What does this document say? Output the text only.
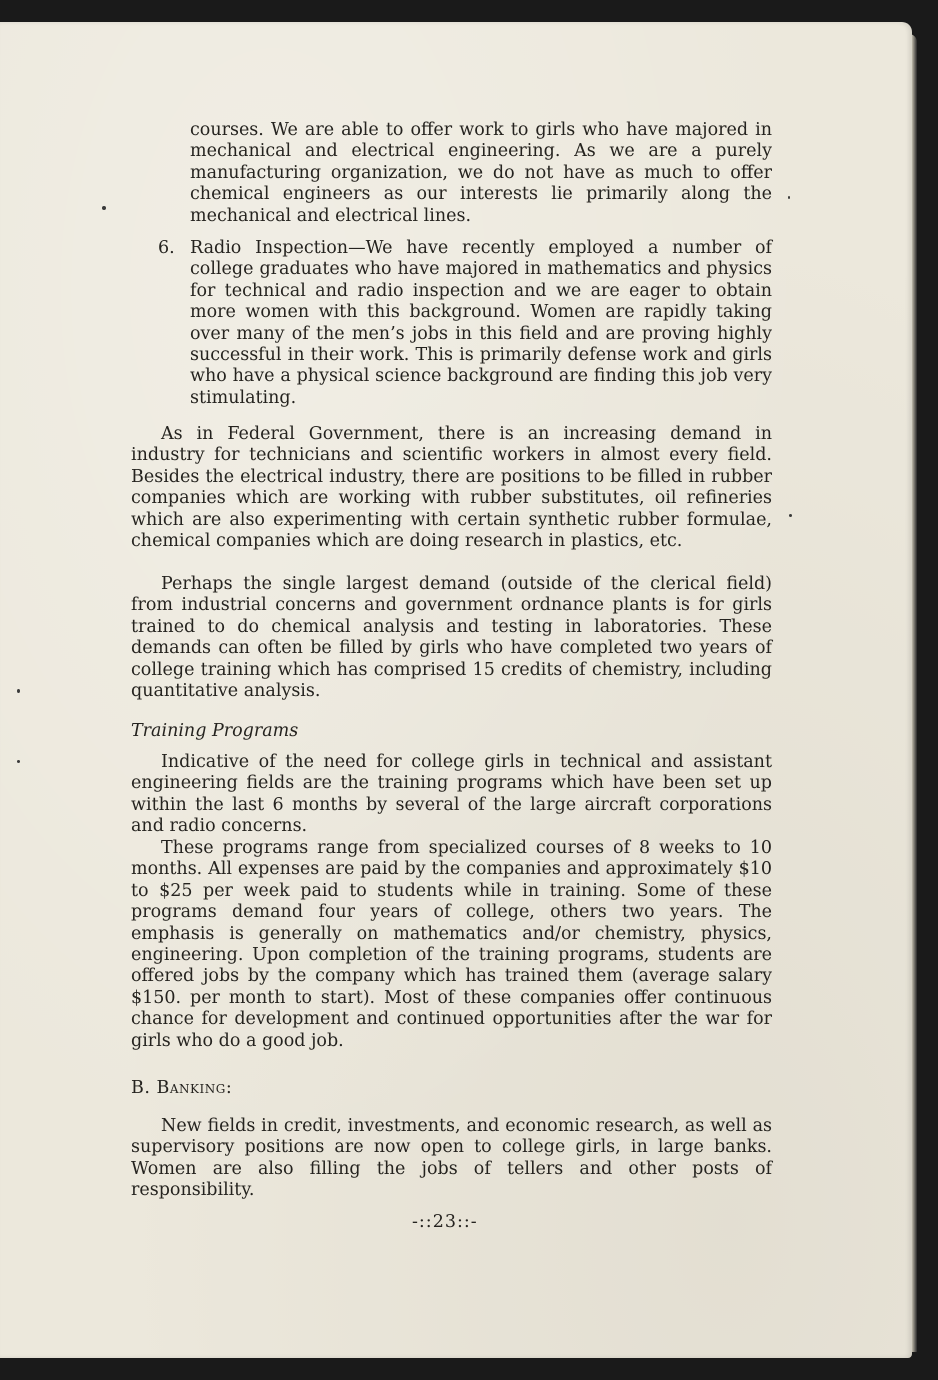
courses. We are able to offer work to girls who have majored in mechanical and electrical engineering. As we are a purely manufacturing organization, we do not have as much to offer chemical engineers as our interests lie primarily along the mechanical and electrical lines.

6. Radio Inspection—We have recently employed a number of college graduates who have majored in mathematics and physics for technical and radio inspection and we are eager to obtain more women with this background. Women are rapidly taking over many of the men’s jobs in this field and are proving highly successful in their work. This is primarily defense work and girls who have a physical science background are finding this job very stimulating.

As in Federal Government, there is an increasing demand in industry for technicians and scientific workers in almost every field. Besides the electrical industry, there are positions to be filled in rubber companies which are working with rubber substitutes, oil refineries which are also experimenting with certain synthetic rubber formulae, chemical companies which are doing research in plastics, etc.

Perhaps the single largest demand (outside of the clerical field) from industrial concerns and government ordnance plants is for girls trained to do chemical analysis and testing in laboratories. These demands can often be filled by girls who have completed two years of college training which has comprised 15 credits of chemistry, including quantitative analysis.

Training Programs

Indicative of the need for college girls in technical and assistant engineering fields are the training programs which have been set up within the last 6 months by several of the large aircraft corporations and radio concerns.

These programs range from specialized courses of 8 weeks to 10 months. All expenses are paid by the companies and approximately $10 to $25 per week paid to students while in training. Some of these programs demand four years of college, others two years. The emphasis is generally on mathematics and/or chemistry, physics, engineering. Upon completion of the training programs, students are offered jobs by the company which has trained them (average salary $150. per month to start). Most of these companies offer continuous chance for development and continued opportunities after the war for girls who do a good job.

B. Banking:

New fields in credit, investments, and economic research, as well as supervisory positions are now open to college girls, in large banks. Women are also filling the jobs of tellers and other posts of responsibility.

-::23::-
